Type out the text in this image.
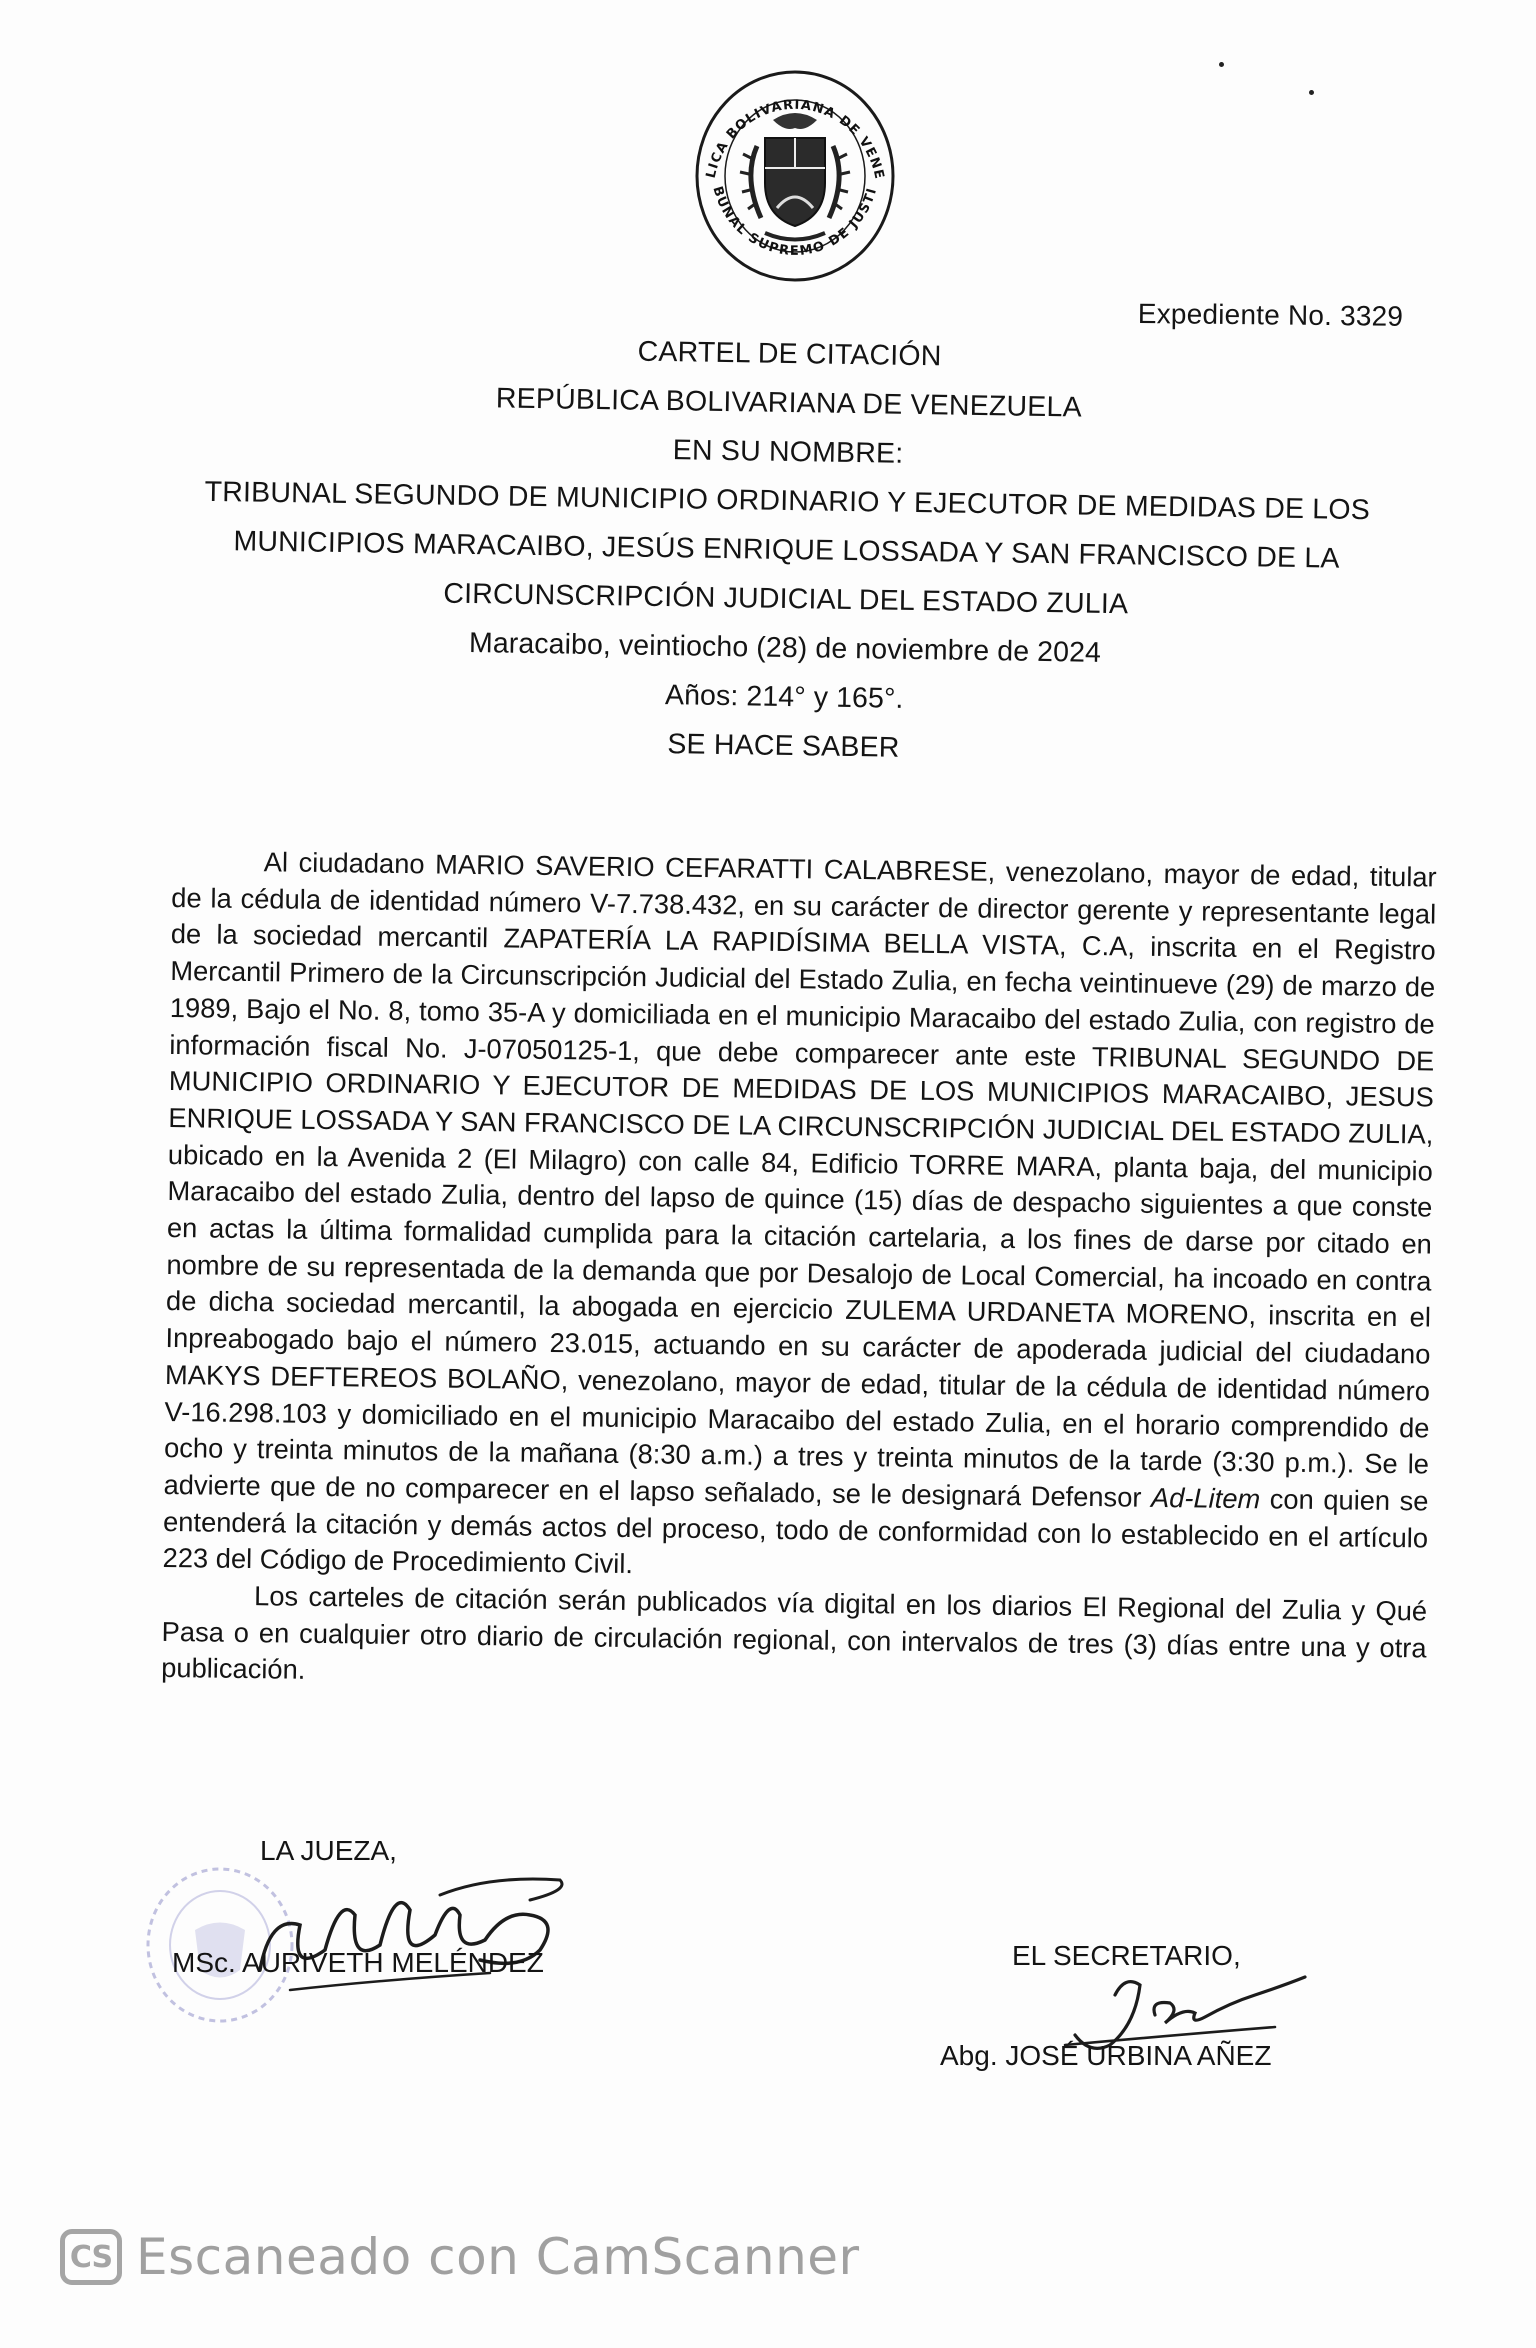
LICA BOLIVARIANA DE VENE
BUNAL SUPREMO DE JUSTI
Expediente No. 3329
CARTEL DE CITACIÓN
REPÚBLICA BOLIVARIANA DE VENEZUELA
EN SU NOMBRE:
TRIBUNAL SEGUNDO DE MUNICIPIO ORDINARIO Y EJECUTOR DE MEDIDAS DE LOS
MUNICIPIOS MARACAIBO, JESÚS ENRIQUE LOSSADA Y SAN FRANCISCO DE LA
CIRCUNSCRIPCIÓN JUDICIAL DEL ESTADO ZULIA
Maracaibo, veintiocho (28) de noviembre de 2024
Años: 214° y 165°.
SE HACE SABER

Al ciudadano MARIO SAVERIO CEFARATTI CALABRESE, venezolano, mayor de edad, titular de la cédula de identidad número V-7.738.432, en su carácter de director gerente y representante legal de la sociedad mercantil ZAPATERÍA LA RAPIDÍSIMA BELLA VISTA, C.A, inscrita en el Registro Mercantil Primero de la Circunscripción Judicial del Estado Zulia, en fecha veintinueve (29) de marzo de 1989, Bajo el No. 8, tomo 35-A y domiciliada en el municipio Maracaibo del estado Zulia, con registro de información fiscal No. J-07050125-1, que debe comparecer ante este TRIBUNAL SEGUNDO DE MUNICIPIO ORDINARIO Y EJECUTOR DE MEDIDAS DE LOS MUNICIPIOS MARACAIBO, JESUS ENRIQUE LOSSADA Y SAN FRANCISCO DE LA CIRCUNSCRIPCIÓN JUDICIAL DEL ESTADO ZULIA, ubicado en la Avenida 2 (El Milagro) con calle 84, Edificio TORRE MARA, planta baja, del municipio Maracaibo del estado Zulia, dentro del lapso de quince (15) días de despacho siguientes a que conste en actas la última formalidad cumplida para la citación cartelaria, a los fines de darse por citado en nombre de su representada de la demanda que por Desalojo de Local Comercial, ha incoado en contra de dicha sociedad mercantil, la abogada en ejercicio ZULEMA URDANETA MORENO, inscrita en el Inpreabogado bajo el número 23.015, actuando en su carácter de apoderada judicial del ciudadano MAKYS DEFTEREOS BOLAÑO, venezolano, mayor de edad, titular de la cédula de identidad número V-16.298.103 y domiciliado en el municipio Maracaibo del estado Zulia, en el horario comprendido de ocho y treinta minutos de la mañana (8:30 a.m.) a tres y treinta minutos de la tarde (3:30 p.m.). Se le advierte que de no comparecer en el lapso señalado, se le designará Defensor Ad-Litem con quien se entenderá la citación y demás actos del proceso, todo de conformidad con lo establecido en el artículo 223 del Código de Procedimiento Civil.

Los carteles de citación serán publicados vía digital en los diarios El Regional del Zulia y Qué Pasa o en cualquier otro diario de circulación regional, con intervalos de tres (3) días entre una y otra publicación.

LA JUEZA,
MSc. AURIVETH MELÉNDEZ	EL SECRETARIO,
Abg. JOSÉ URBINA AÑEZ
CS Escaneado con CamScanner
